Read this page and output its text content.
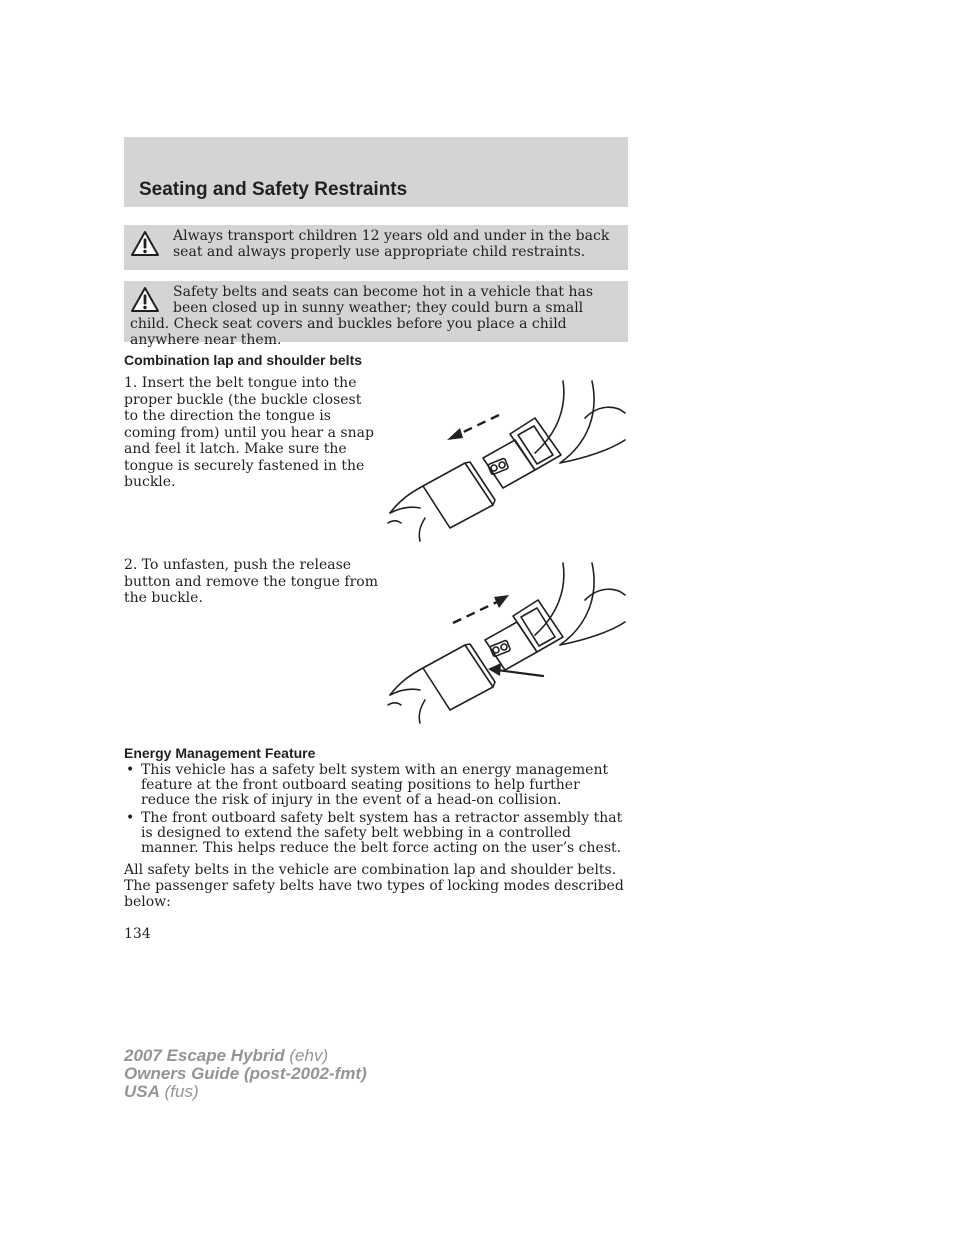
Seating and Safety Restraints

Always transport children 12 years old and under in the back seat and always properly use appropriate child restraints.

Safety belts and seats can become hot in a vehicle that has been closed up in sunny weather; they could burn a small child. Check seat covers and buckles before you place a child anywhere near them.

Combination lap and shoulder belts

1. Insert the belt tongue into the proper buckle (the buckle closest to the direction the tongue is coming from) until you hear a snap and feel it latch. Make sure the tongue is securely fastened in the buckle.

2. To unfasten, push the release button and remove the tongue from the buckle.

Energy Management Feature
• This vehicle has a safety belt system with an energy management feature at the front outboard seating positions to help further reduce the risk of injury in the event of a head-on collision.
• The front outboard safety belt system has a retractor assembly that is designed to extend the safety belt webbing in a controlled manner. This helps reduce the belt force acting on the user’s chest.

All safety belts in the vehicle are combination lap and shoulder belts. The passenger safety belts have two types of locking modes described below:

134
2007 Escape Hybrid (ehv)
Owners Guide (post-2002-fmt)
USA (fus)
